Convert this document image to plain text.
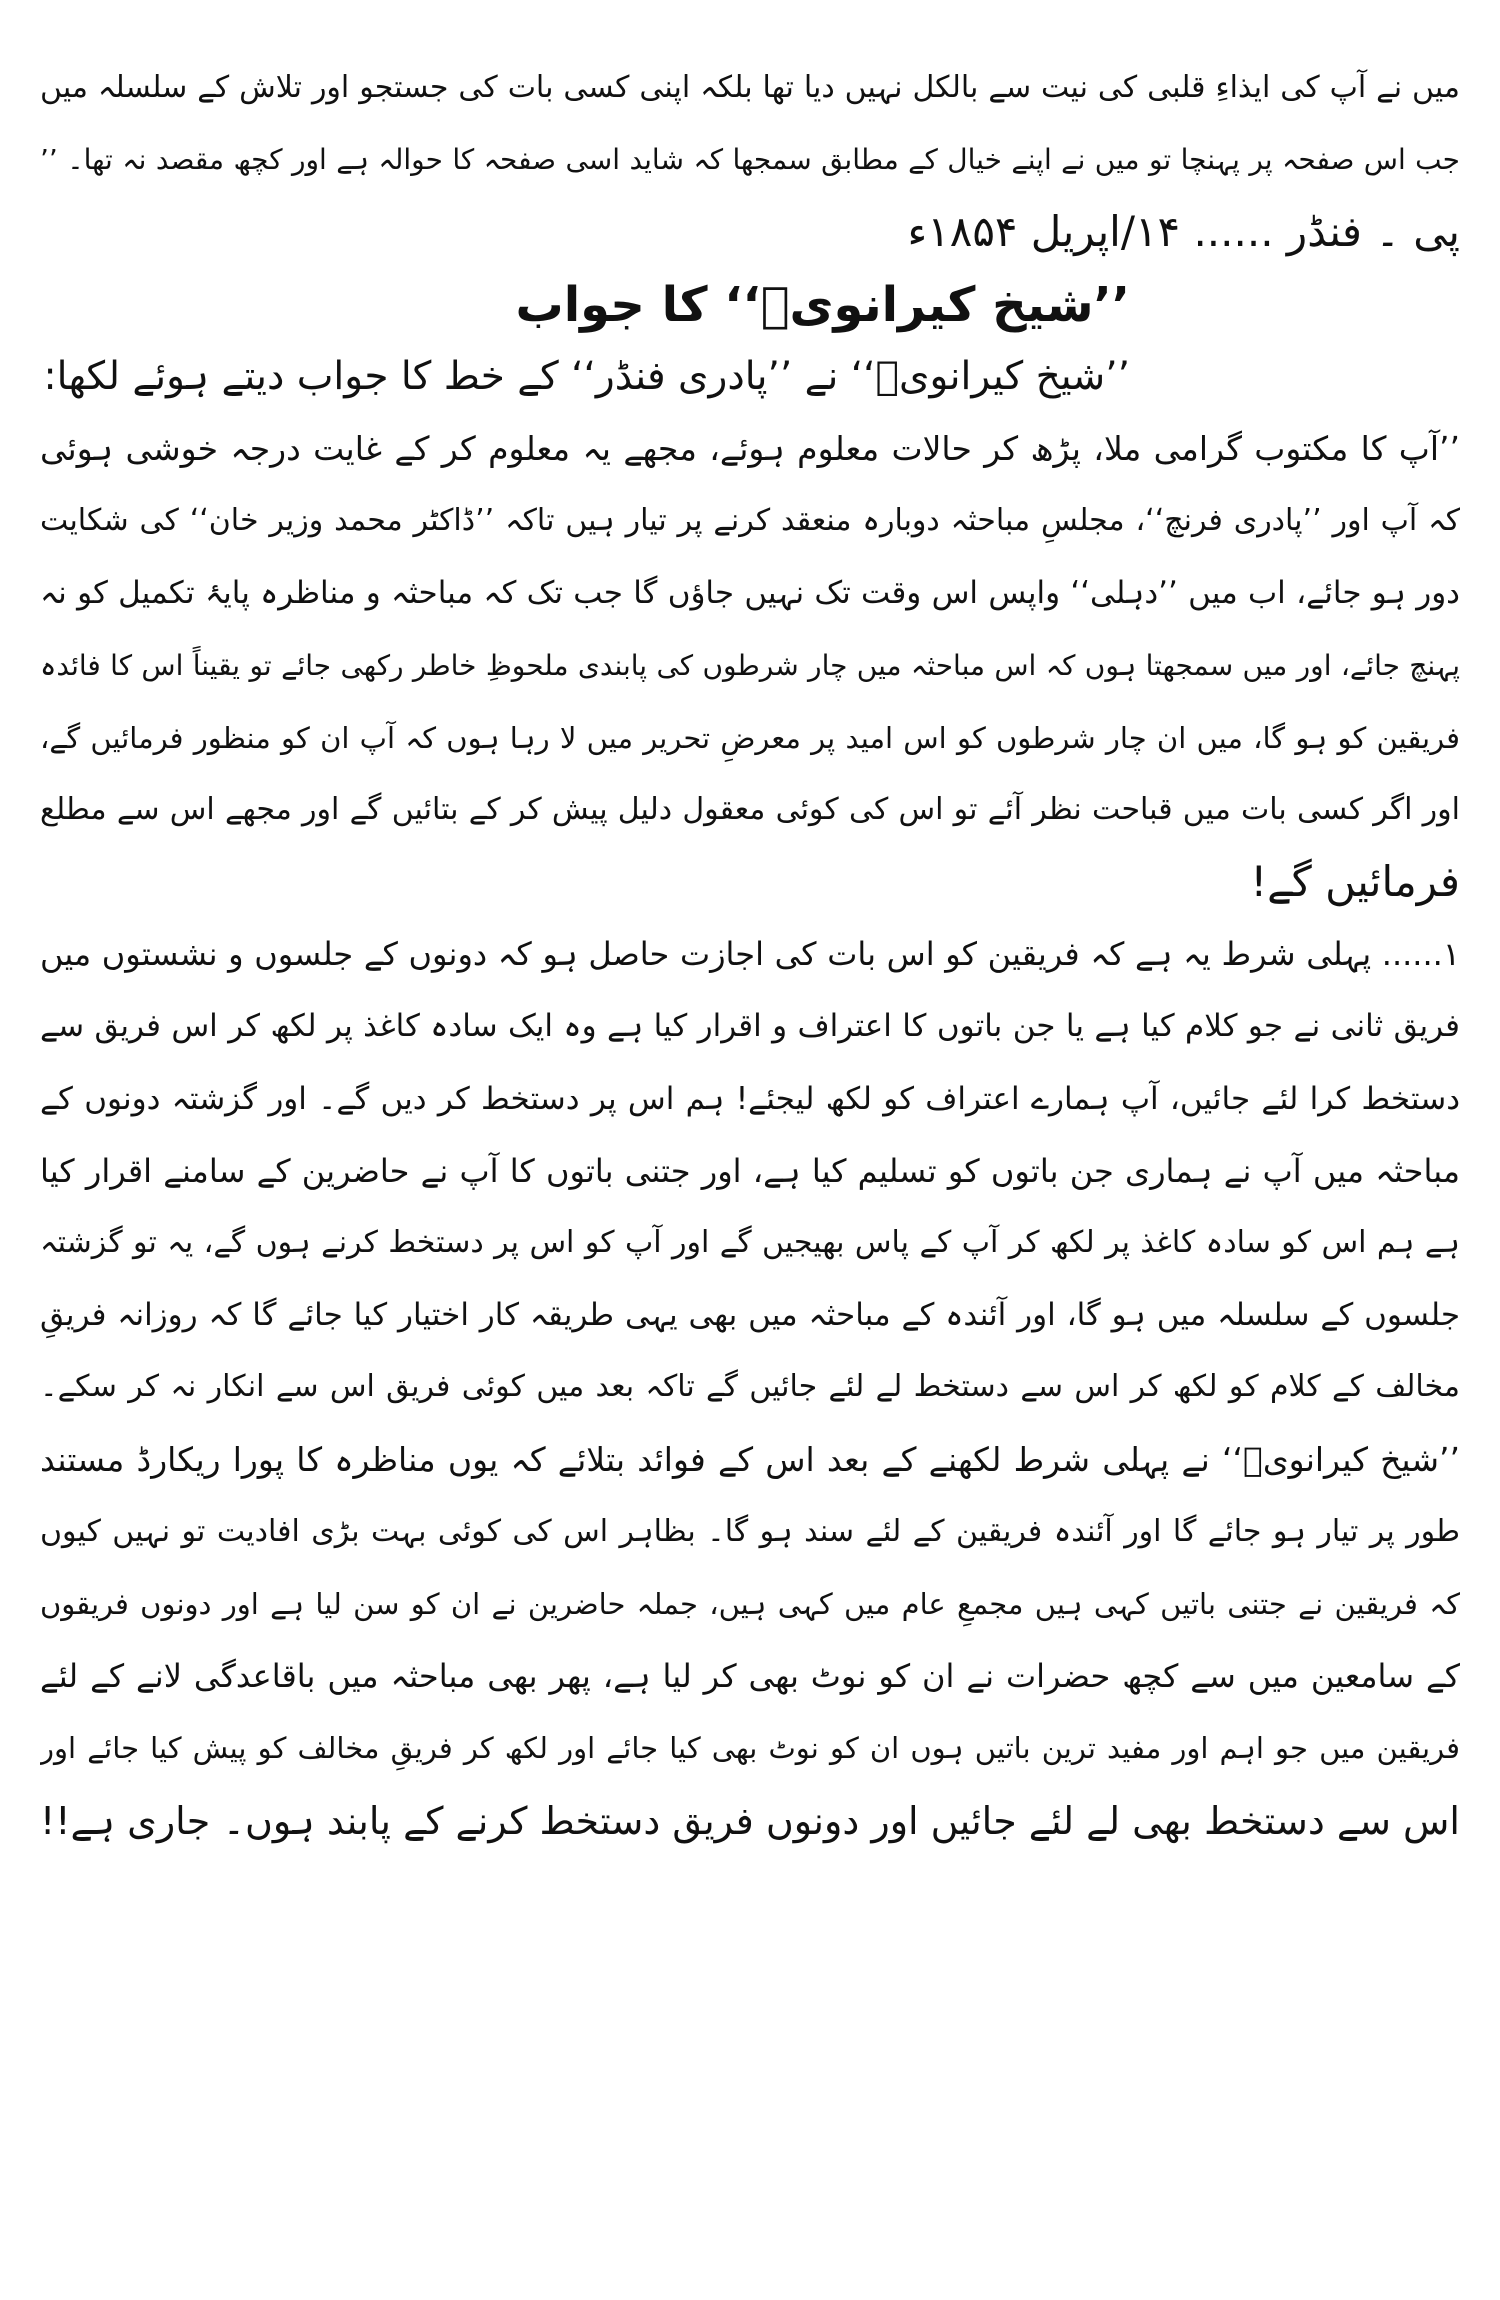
میں نے آپ کی ایذاءِ قلبی کی نیت سے بالکل نہیں دیا تھا بلکہ اپنی کسی بات کی جستجو اور تلاش کے سلسلہ میں
جب اس صفحہ پر پہنچا تو میں نے اپنے خیال کے مطابق سمجھا کہ شاید اسی صفحہ کا حوالہ ہے اور کچھ مقصد نہ تھا۔ ’’
پی ۔ فنڈر ...... ۱۴/اپریل ۱۸۵۴ء
’’شیخ کیرانویؒ‘‘ کا جواب
’’شیخ کیرانویؒ‘‘ نے ’’پادری فنڈر‘‘ کے خط کا جواب دیتے ہوئے لکھا:
’’آپ کا مکتوب گرامی ملا، پڑھ کر حالات معلوم ہوئے، مجھے یہ معلوم کر کے غایت درجہ خوشی ہوئی
کہ آپ اور ’’پادری فرنچ‘‘، مجلسِ مباحثہ دوبارہ منعقد کرنے پر تیار ہیں تاکہ ’’ڈاکٹر محمد وزیر خان‘‘ کی شکایت
دور ہو جائے، اب میں ’’دہلی‘‘ واپس اس وقت تک نہیں جاؤں گا جب تک کہ مباحثہ و مناظرہ پایۂ تکمیل کو نہ
پہنچ جائے، اور میں سمجھتا ہوں کہ اس مباحثہ میں چار شرطوں کی پابندی ملحوظِ خاطر رکھی جائے تو یقیناً اس کا فائدہ
فریقین کو ہو گا، میں ان چار شرطوں کو اس امید پر معرضِ تحریر میں لا رہا ہوں کہ آپ ان کو منظور فرمائیں گے،
اور اگر کسی بات میں قباحت نظر آئے تو اس کی کوئی معقول دلیل پیش کر کے بتائیں گے اور مجھے اس سے مطلع
فرمائیں گے!
۱...... پہلی شرط یہ ہے کہ فریقین کو اس بات کی اجازت حاصل ہو کہ دونوں کے جلسوں و نشستوں میں
فریق ثانی نے جو کلام کیا ہے یا جن باتوں کا اعتراف و اقرار کیا ہے وہ ایک سادہ کاغذ پر لکھ کر اس فریق سے
دستخط کرا لئے جائیں، آپ ہمارے اعتراف کو لکھ لیجئے! ہم اس پر دستخط کر دیں گے۔ اور گزشتہ دونوں کے
مباحثہ میں آپ نے ہماری جن باتوں کو تسلیم کیا ہے، اور جتنی باتوں کا آپ نے حاضرین کے سامنے اقرار کیا
ہے ہم اس کو سادہ کاغذ پر لکھ کر آپ کے پاس بھیجیں گے اور آپ کو اس پر دستخط کرنے ہوں گے، یہ تو گزشتہ
جلسوں کے سلسلہ میں ہو گا، اور آئندہ کے مباحثہ میں بھی یہی طریقہ کار اختیار کیا جائے گا کہ روزانہ فریقِ
مخالف کے کلام کو لکھ کر اس سے دستخط لے لئے جائیں گے تاکہ بعد میں کوئی فریق اس سے انکار نہ کر سکے۔
’’شیخ کیرانویؒ‘‘ نے پہلی شرط لکھنے کے بعد اس کے فوائد بتلائے کہ یوں مناظرہ کا پورا ریکارڈ مستند
طور پر تیار ہو جائے گا اور آئندہ فریقین کے لئے سند ہو گا۔ بظاہر اس کی کوئی بہت بڑی افادیت تو نہیں کیوں
کہ فریقین نے جتنی باتیں کہی ہیں مجمعِ عام میں کہی ہیں، جملہ حاضرین نے ان کو سن لیا ہے اور دونوں فریقوں
کے سامعین میں سے کچھ حضرات نے ان کو نوٹ بھی کر لیا ہے، پھر بھی مباحثہ میں باقاعدگی لانے کے لئے
فریقین میں جو اہم اور مفید ترین باتیں ہوں ان کو نوٹ بھی کیا جائے اور لکھ کر فریقِ مخالف کو پیش کیا جائے اور
اس سے دستخط بھی لے لئے جائیں اور دونوں فریق دستخط کرنے کے پابند ہوں۔
جاری ہے!!
